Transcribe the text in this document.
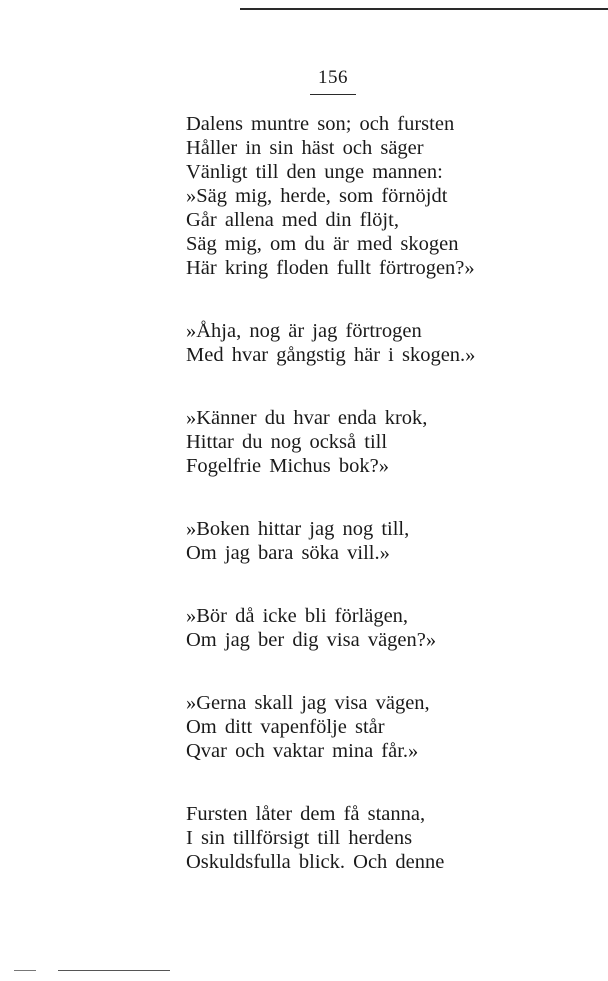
156
Dalens muntre son; och fursten
Håller in sin häst och säger
Vänligt till den unge mannen:
»Säg mig, herde, som förnöjdt
Går allena med din flöjt,
Säg mig, om du är med skogen
Här kring floden fullt förtrogen?»
»Åhja, nog är jag förtrogen
Med hvar gångstig här i skogen.»
»Känner du hvar enda krok,
Hittar du nog också till
Fogelfrie Michus bok?»
»Boken hittar jag nog till,
Om jag bara söka vill.»
»Bör då icke bli förlägen,
Om jag ber dig visa vägen?»
»Gerna skall jag visa vägen,
Om ditt vapenfölje står
Qvar och vaktar mina får.»
Fursten låter dem få stanna,
I sin tillförsigt till herdens
Oskuldsfulla blick. Och denne
